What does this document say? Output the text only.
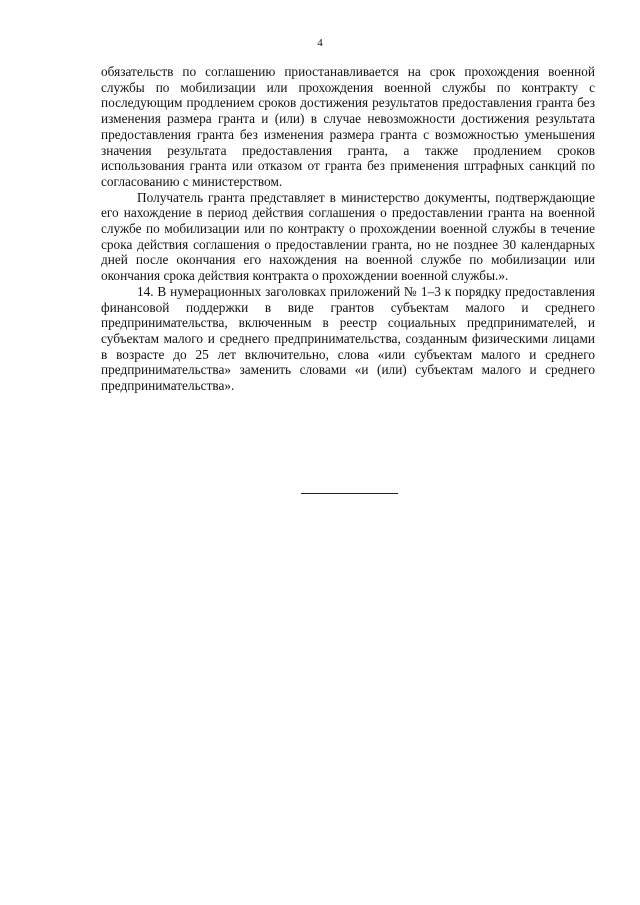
4

обязательств по соглашению приостанавливается на срок прохождения военной службы по мобилизации или прохождения военной службы по контракту с последующим продлением сроков достижения результатов предоставления гранта без изменения размера гранта и (или) в случае невозможности достижения результата предоставления гранта без изменения размера гранта с возможностью уменьшения значения результата предоставления гранта, а также продлением сроков использования гранта или отказом от гранта без применения штрафных санкций по согласованию с министерством.

Получатель гранта представляет в министерство документы, подтверждающие его нахождение в период действия соглашения о предоставлении гранта на военной службе по мобилизации или по контракту о прохождении военной службы в течение срока действия соглашения о предоставлении гранта, но не позднее 30 календарных дней после окончания его нахождения на военной службе по мобилизации или окончания срока действия контракта о прохождении военной службы.».

14. В нумерационных заголовках приложений № 1–3 к порядку предоставления финансовой поддержки в виде грантов субъектам малого и среднего предпринимательства, включенным в реестр социальных предпринимателей, и субъектам малого и среднего предпринимательства, созданным физическими лицами в возрасте до 25 лет включительно, слова «или субъектам малого и среднего предпринимательства» заменить словами «и (или) субъектам малого и среднего предпринимательства».
